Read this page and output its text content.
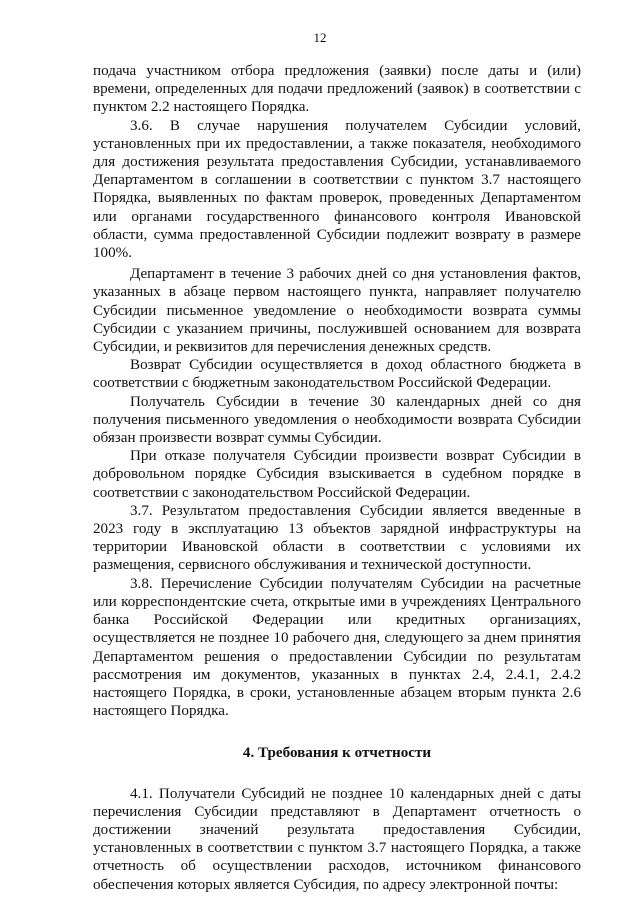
12

подача участником отбора предложения (заявки) после даты и (или) времени, определенных для подачи предложений (заявок) в соответствии с пунктом 2.2 настоящего Порядка.

3.6. В случае нарушения получателем Субсидии условий, установленных при их предоставлении, а также показателя, необходимого для достижения результата предоставления Субсидии, устанавливаемого Департаментом в соглашении в соответствии с пунктом 3.7 настоящего Порядка, выявленных по фактам проверок, проведенных Департаментом или органами государственного финансового контроля Ивановской области, сумма предоставленной Субсидии подлежит возврату в размере 100%.

Департамент в течение 3 рабочих дней со дня установления фактов, указанных в абзаце первом настоящего пункта, направляет получателю Субсидии письменное уведомление о необходимости возврата суммы Субсидии с указанием причины, послужившей основанием для возврата Субсидии, и реквизитов для перечисления денежных средств.

Возврат Субсидии осуществляется в доход областного бюджета в соответствии с бюджетным законодательством Российской Федерации.

Получатель Субсидии в течение 30 календарных дней со дня получения письменного уведомления о необходимости возврата Субсидии обязан произвести возврат суммы Субсидии.

При отказе получателя Субсидии произвести возврат Субсидии в добровольном порядке Субсидия взыскивается в судебном порядке в соответствии с законодательством Российской Федерации.

3.7. Результатом предоставления Субсидии является введенные в 2023 году в эксплуатацию 13 объектов зарядной инфраструктуры на территории Ивановской области в соответствии с условиями их размещения, сервисного обслуживания и технической доступности.

3.8. Перечисление Субсидии получателям Субсидии на расчетные или корреспондентские счета, открытые ими в учреждениях Центрального банка Российской Федерации или кредитных организациях, осуществляется не позднее 10 рабочего дня, следующего за днем принятия Департаментом решения о предоставлении Субсидии по результатам рассмотрения им документов, указанных в пунктах 2.4, 2.4.1, 2.4.2 настоящего Порядка, в сроки, установленные абзацем вторым пункта 2.6 настоящего Порядка.

4. Требования к отчетности

4.1. Получатели Субсидий не позднее 10 календарных дней с даты перечисления Субсидии представляют в Департамент отчетность о достижении значений результата предоставления Субсидии, установленных в соответствии с пунктом 3.7 настоящего Порядка, а также отчетность об осуществлении расходов, источником финансового обеспечения которых является Субсидия, по адресу электронной почты:
